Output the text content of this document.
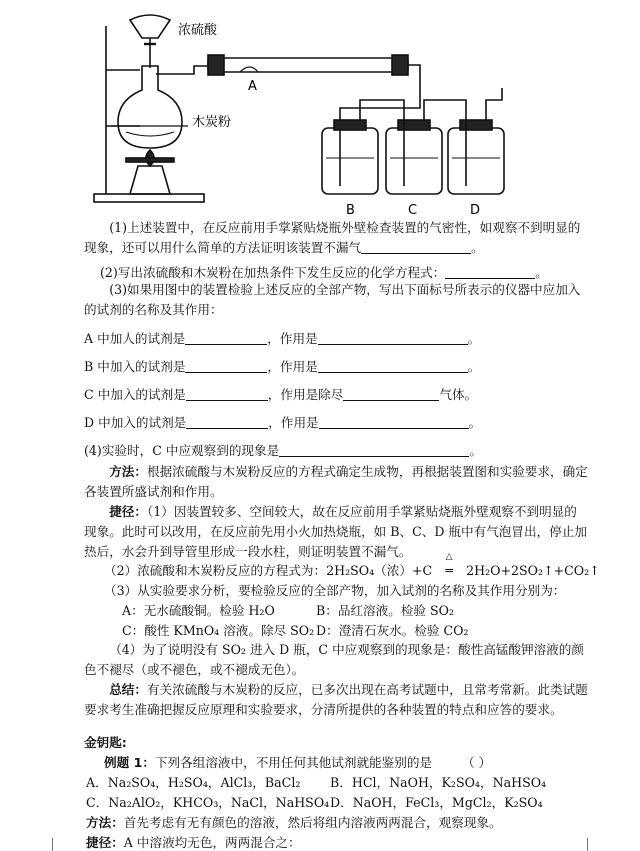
浓硫酸
木炭粉
A
B	C	D
(1)上述装置中，在反应前用手掌紧贴烧瓶外壁检查装置的气密性，如观察不到明显的现象，还可以用什么简单的方法证明该装置不漏气	。
(2)写出浓硫酸和木炭粉在加热条件下发生反应的化学方程式：	。
(3)如果用图中的装置检验上述反应的全部产物，写出下面标号所表示的仪器中应加入的试剂的名称及其作用：
A 中加人的试剂是	，作用是	。
B 中加入的试剂是	，作用是	。
C 中加入的试剂是	，作用是除尽	气体。
D 中加入的试剂是	，作用是	。
(4)实验时，C 中应观察到的现象是	。
方法：根据浓硫酸与木炭粉反应的方程式确定生成物，再根据装置图和实验要求，确定各装置所盛试剂和作用。
捷径：（1）因装置较多、空间较大，故在反应前用手掌紧贴烧瓶外壁观察不到明显的现象。此时可以改用，在反应前先用小火加热烧瓶，如 B、C、D 瓶中有气泡冒出，停止加热后，水会升到导管里形成一段水柱，则证明装置不漏气。
（2）浓硫酸和木炭粉反应的方程式为：2H₂SO₄（浓）+C
△
═ 2H₂O+2SO₂↑+CO₂↑
（3）从实验要求分析，要检验反应的全部产物，加入试剂的名称及其作用分别为：
A：无水硫酸铜。检验 H₂O	B：品红溶液。检验 SO₂
C：酸性 KMnO₄ 溶液。除尽 SO₂ D：澄清石灰水。检验 CO₂
（4）为了说明没有 SO₂ 进入 D 瓶，C 中应观察到的现象是：酸性高锰酸钾溶液的颜色不褪尽（或不褪色，或不褪成无色）。
总结：有关浓硫酸与木炭粉的反应，已多次出现在高考试题中，且常考常新。此类试题要求考生准确把握反应原理和实验要求，分清所提供的各种装置的特点和应答的要求。
金钥匙:
例题 1：下列各组溶液中，不用任何其他试剂就能鉴别的是 （ ）
A．Na₂SO₄，H₂SO₄，AlCl₃，BaCl₂ B．HCl，NaOH，K₂SO₄，NaHSO₄
C．Na₂AlO₂，KHCO₃，NaCl，NaHSO₄ D．NaOH，FeCl₃，MgCl₂，K₂SO₄
方法：首先考虑有无有颜色的溶液，然后将组内溶液两两混合，观察现象。
捷径：A 中溶液均无色，两两混合之：
